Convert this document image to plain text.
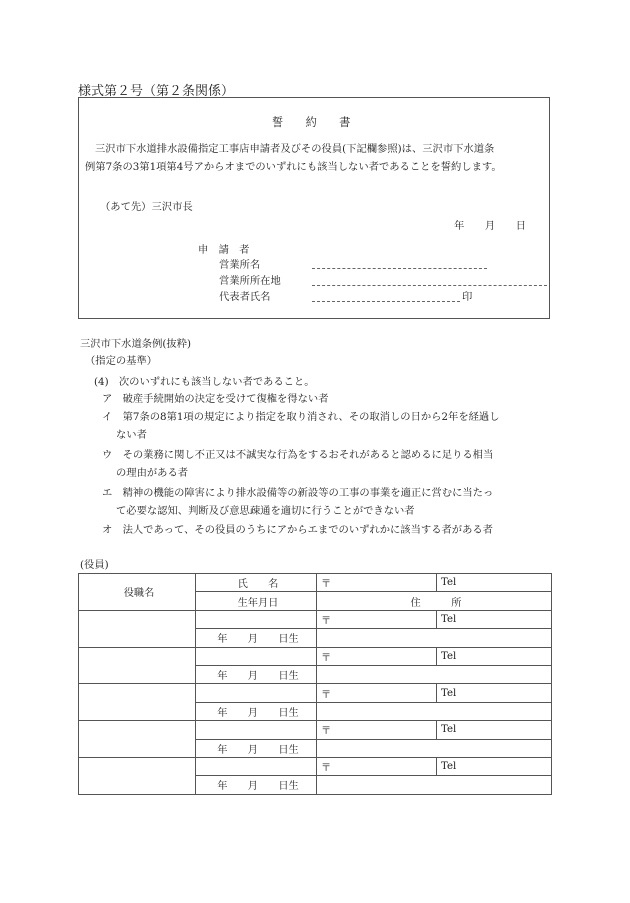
様式第２号（第２条関係）
誓　　約　　書
三沢市下水道排水設備指定工事店申請者及びその役員(下記欄参照)は、三沢市下水道条
例第7条の3第1項第4号アからオまでのいずれにも該当しない者であることを誓約します。
（あて先）三沢市長
年　　月　　日
申　請　者
営業所名
営業所所在地
代表者氏名	印
三沢市下水道条例(抜粋)
（指定の基準）
(4)　次のいずれにも該当しない者であること。
ア　破産手続開始の決定を受けて復権を得ない者
イ　第7条の8第1項の規定により指定を取り消され、その取消しの日から2年を経過し
ない者
ウ　その業務に関し不正又は不誠実な行為をするおそれがあると認めるに足りる相当
の理由がある者
エ　精神の機能の障害により排水設備等の新設等の工事の事業を適正に営むに当たっ
て必要な認知、判断及び意思疎通を適切に行うことができない者
オ　法人であって、その役員のうちにアからエまでのいずれかに該当する者がある者
(役員)
役職名	氏　　名	〒	Tel
	生年月日	住　　　所	
		〒	Tel
	年　　月　　日生		
		〒	Tel
	年　　月　　日生		
		〒	Tel
	年　　月　　日生		
		〒	Tel
	年　　月　　日生		
		〒	Tel
	年　　月　　日生		
